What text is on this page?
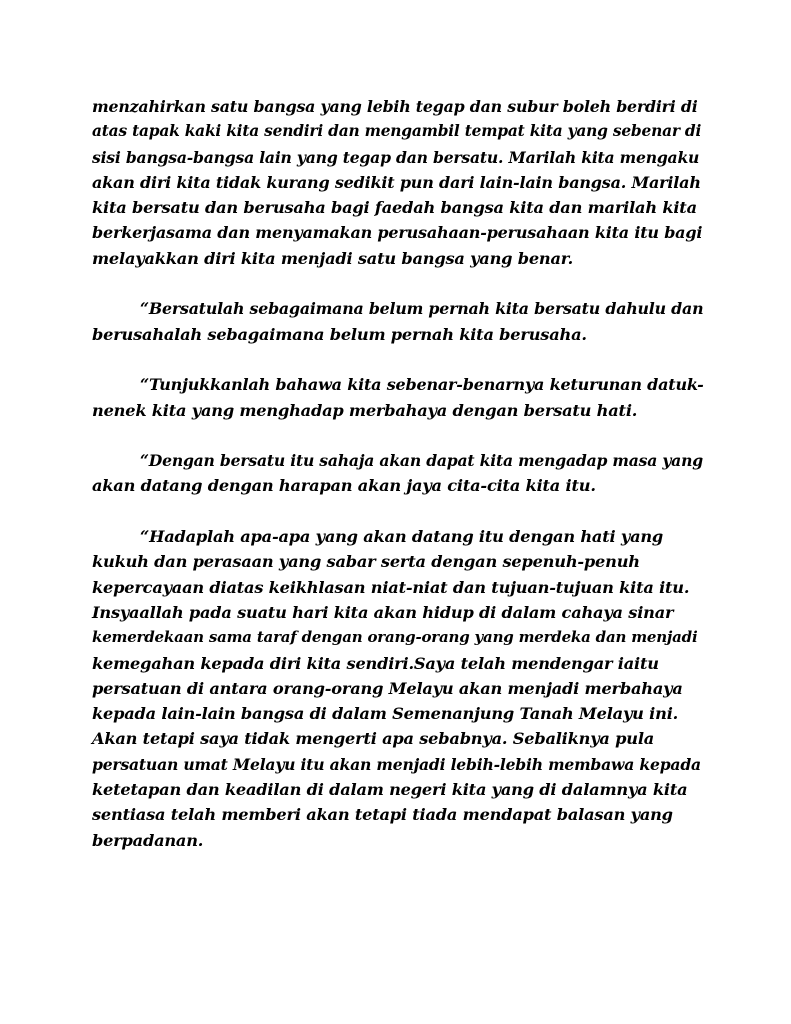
menzahirkan satu bangsa yang lebih tegap dan subur boleh berdiri di
atas tapak kaki kita sendiri dan mengambil tempat kita yang sebenar di
sisi bangsa-bangsa lain yang tegap dan bersatu. Marilah kita mengaku
akan diri kita tidak kurang sedikit pun dari lain-lain bangsa. Marilah
kita bersatu dan berusaha bagi faedah bangsa kita dan marilah kita
berkerjasama dan menyamakan perusahaan-perusahaan kita itu bagi
melayakkan diri kita menjadi satu bangsa yang benar.
“Bersatulah sebagaimana belum pernah kita bersatu dahulu dan
berusahalah sebagaimana belum pernah kita berusaha.
“Tunjukkanlah bahawa kita sebenar-benarnya keturunan datuk-
nenek kita yang menghadap merbahaya dengan bersatu hati.
“Dengan bersatu itu sahaja akan dapat kita mengadap masa yang
akan datang dengan harapan akan jaya cita-cita kita itu.
“Hadaplah apa-apa yang akan datang itu dengan hati yang
kukuh dan perasaan yang sabar serta dengan sepenuh-penuh
kepercayaan diatas keikhlasan niat-niat dan tujuan-tujuan kita itu.
Insyaallah pada suatu hari kita akan hidup di dalam cahaya sinar
kemerdekaan sama taraf dengan orang-orang yang merdeka dan menjadi
kemegahan kepada diri kita sendiri.Saya telah mendengar iaitu
persatuan di antara orang-orang Melayu akan menjadi merbahaya
kepada lain-lain bangsa di dalam Semenanjung Tanah Melayu ini.
Akan tetapi saya tidak mengerti apa sebabnya. Sebaliknya pula
persatuan umat Melayu itu akan menjadi lebih-lebih membawa kepada
ketetapan dan keadilan di dalam negeri kita yang di dalamnya kita
sentiasa telah memberi akan tetapi tiada mendapat balasan yang
berpadanan.
